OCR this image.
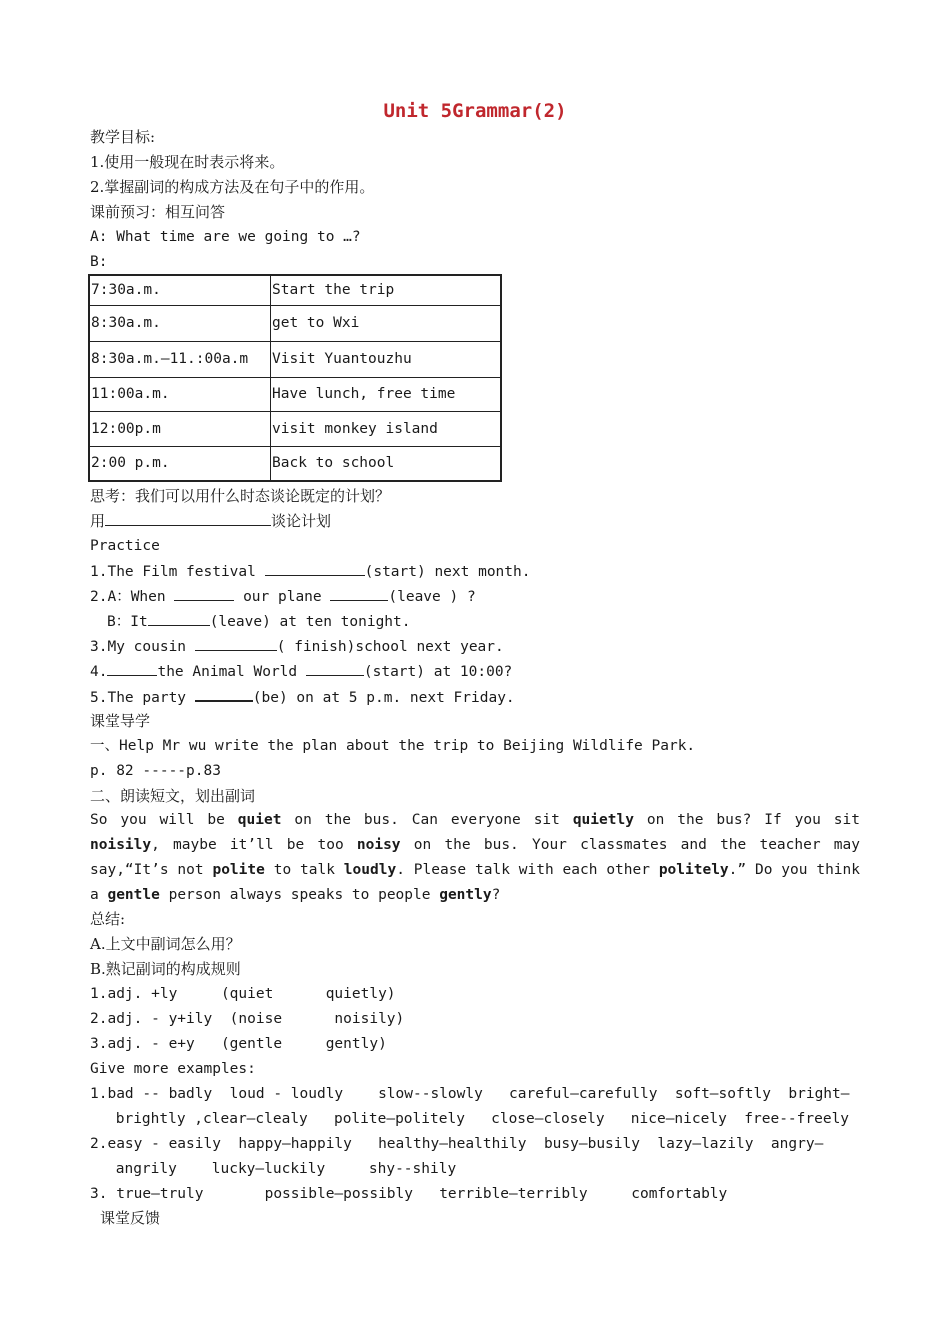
Unit 5Grammar(2)
教学目标:
1.使用一般现在时表示将来。
2.掌握副词的构成方法及在句子中的作用。
课前预习：相互问答
A: What time are we going to …?
B:
7:30a.m.	Start the trip
8:30a.m.	get to Wxi
8:30a.m.—11.:00a.m	Visit Yuantouzhu
11:00a.m.	Have lunch, free time
12:00p.m	visit monkey island
2:00 p.m.	Back to school
思考：我们可以用什么时态谈论既定的计划？
用	谈论计划
Practice
1.The Film festival	(start) next month.
2.A：When	our plane	(leave ) ?
B：It	(leave) at ten tonight.
3.My cousin	( finish)school next year.
4.	the Animal World	(start) at 10:00?
5.The party	(be) on at 5 p.m. next Friday.
课堂导学
一、Help Mr wu write the plan about the trip to Beijing Wildlife Park.
p. 82 -----p.83
二、朗读短文，划出副词
So you will be quiet on the bus. Can everyone sit quietly on the bus? If you sit noisily, maybe it’ll be too noisy on the bus. Your classmates and the teacher may say,“It’s not polite to talk loudly. Please talk with each other politely.” Do you think a gentle person always speaks to people gently?
总结:
A.上文中副词怎么用？
B.熟记副词的构成规则
1.adj. +ly     (quiet      quietly)
2.adj. - y+ily  (noise      noisily)
3.adj. - e+y   (gentle     gently)
Give more examples:
1.bad -- badly  loud - loudly    slow--slowly   careful—carefully  soft—softly  bright—
brightly ,clear—clealy   polite—politely   close—closely   nice—nicely  free--freely
2.easy - easily  happy—happily   healthy—healthily  busy—busily  lazy—lazily  angry—
angrily    lucky—luckily     shy--shily
3. true—truly       possible—possibly   terrible—terribly     comfortably
课堂反馈
